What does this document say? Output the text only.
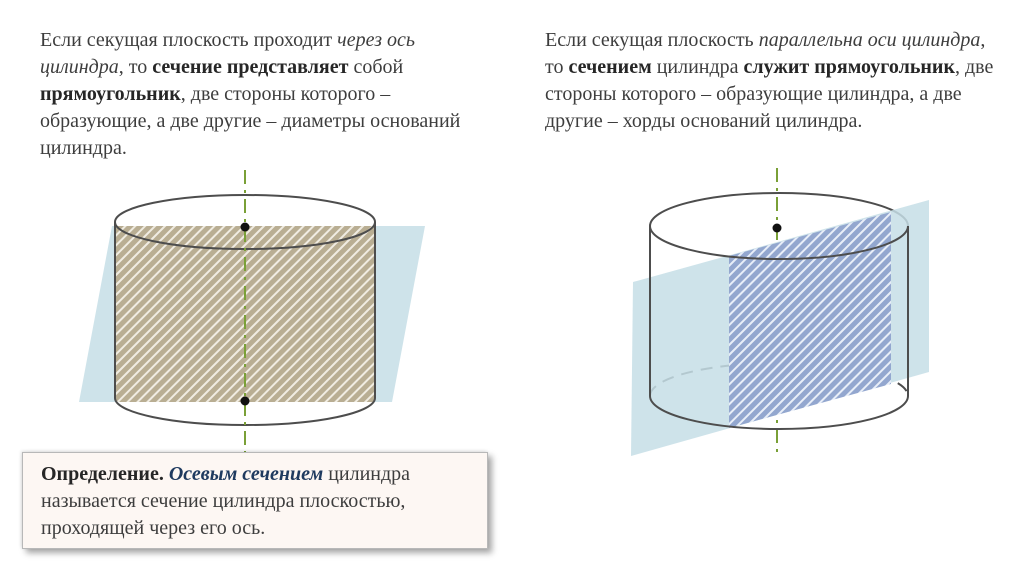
Если секущая плоскость проходит через ось цилиндра, то сечение представляет собой прямоугольник, две стороны которого – образующие, а две другие – диаметры оснований цилиндра.
Если секущая плоскость параллельна оси цилиндра, то сечением цилиндра служит прямоугольник, две стороны которого – образующие цилиндра, а две другие – хорды оснований цилиндра.
Определение. Осевым сечением цилиндра называется сечение цилиндра плоскостью, проходящей через его ось.
